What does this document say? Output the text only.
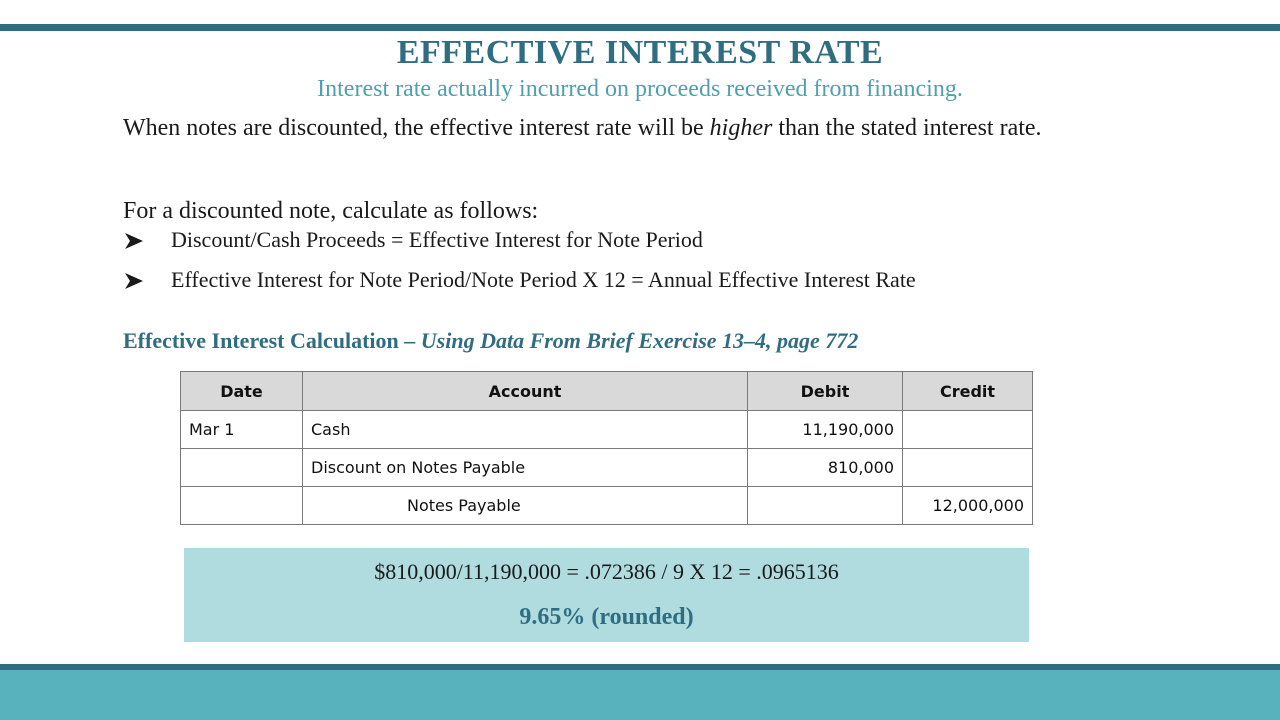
EFFECTIVE INTEREST RATE
Interest rate actually incurred on proceeds received from financing.
When notes are discounted, the effective interest rate will be higher than the stated interest rate.
For a discounted note, calculate as follows:
Discount/Cash Proceeds = Effective Interest for Note Period
Effective Interest for Note Period/Note Period X 12 = Annual Effective Interest Rate
Effective Interest Calculation – Using Data From Brief Exercise 13–4, page 772
Date	Account	Debit	Credit
Mar 1	Cash	11,190,000	
	Discount on Notes Payable	810,000	
	Notes Payable		12,000,000
$810,000/11,190,000 = .072386 / 9 X 12 = .0965136
9.65% (rounded)
